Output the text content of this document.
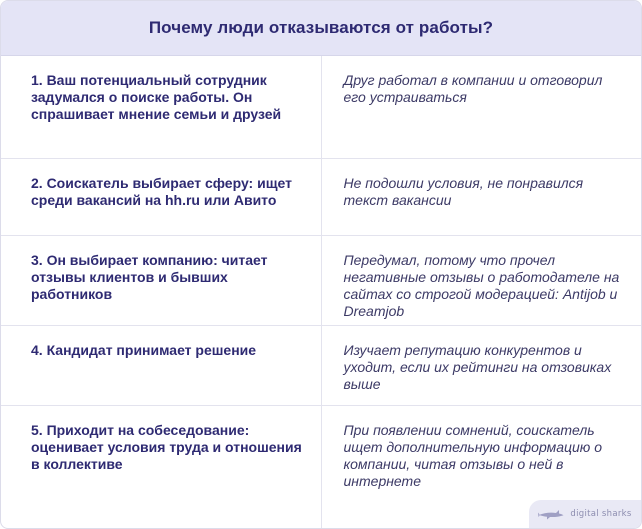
Почему люди отказываются от работы?
1. Ваш потенциальный сотрудник задумался о поиске работы. Он спрашивает мнение семьи и друзей	Друг работал в компании и отговорил его устраиваться
2. Соискатель выбирает сферу: ищет среди вакансий на hh.ru или Авито	Не подошли условия, не понравился текст вакансии
3. Он выбирает компанию: читает отзывы клиентов и бывших работников	Передумал, потому что прочел негативные отзывы о работодателе на сайтах со строгой модерацией: Antijob и Dreamjob
4. Кандидат принимает решение	Изучает репутацию конкурентов и уходит, если их рейтинги на отзовиках выше
5. Приходит на собеседование: оценивает условия труда и отношения в коллективе	При появлении сомнений, соискатель ищет дополнительную информацию о компании, читая отзывы о ней в интернете
digital sharks
